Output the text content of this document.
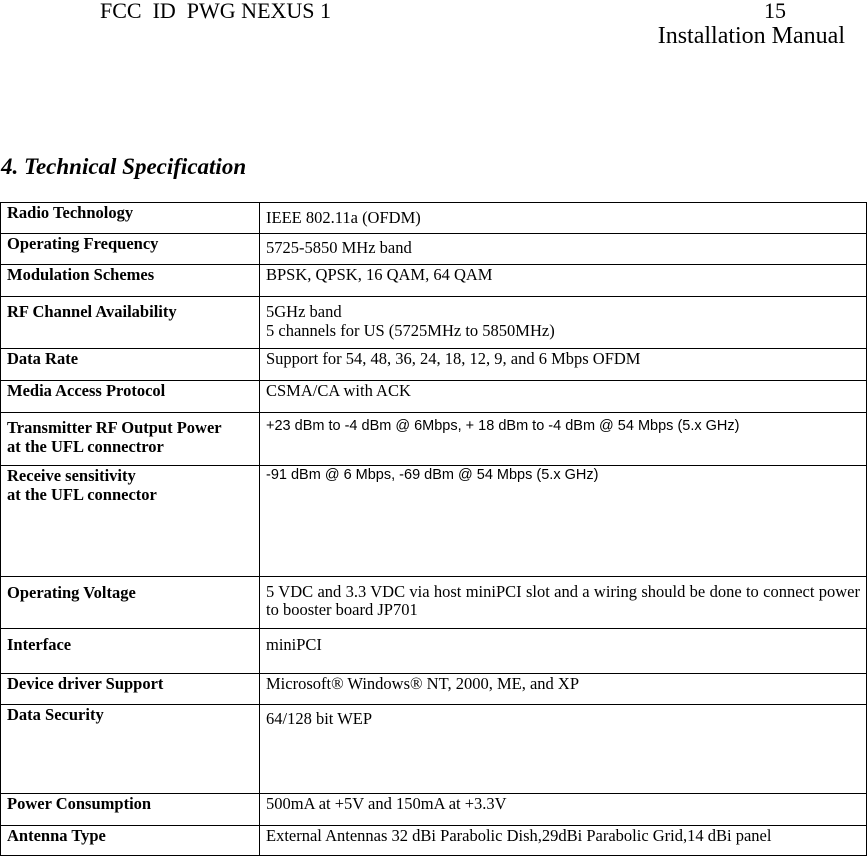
FCC  ID  PWG NEXUS 1	15
Installation Manual
4. Technical Specification
Radio Technology	IEEE 802.11a (OFDM)
Operating Frequency	5725-5850 MHz band
Modulation Schemes	BPSK, QPSK, 16 QAM, 64 QAM
RF Channel Availability	5GHz band
5 channels for US (5725MHz to 5850MHz)

Data Rate	Support for 54, 48, 36, 24, 18, 12, 9, and 6 Mbps OFDM
Media Access Protocol	CSMA/CA with ACK

Transmitter RF Output Power
at the UFL connectror	+23 dBm to -4 dBm @ 6Mbps, + 18 dBm to -4 dBm @ 54 Mbps (5.x GHz)

Receive sensitivity
at the UFL connector	-91 dBm @ 6 Mbps, -69 dBm @ 54 Mbps (5.x GHz)
Operating Voltage	5 VDC and 3.3 VDC via host miniPCI slot and a wiring should be done to connect power to booster board JP701
Interface	miniPCI
Device driver Support	Microsoft® Windows® NT, 2000, ME, and XP
Data Security	64/128 bit WEP
Power Consumption	500mA at +5V and 150mA at +3.3V
Antenna Type	External Antennas 32 dBi Parabolic Dish,29dBi Parabolic Grid,14 dBi panel
